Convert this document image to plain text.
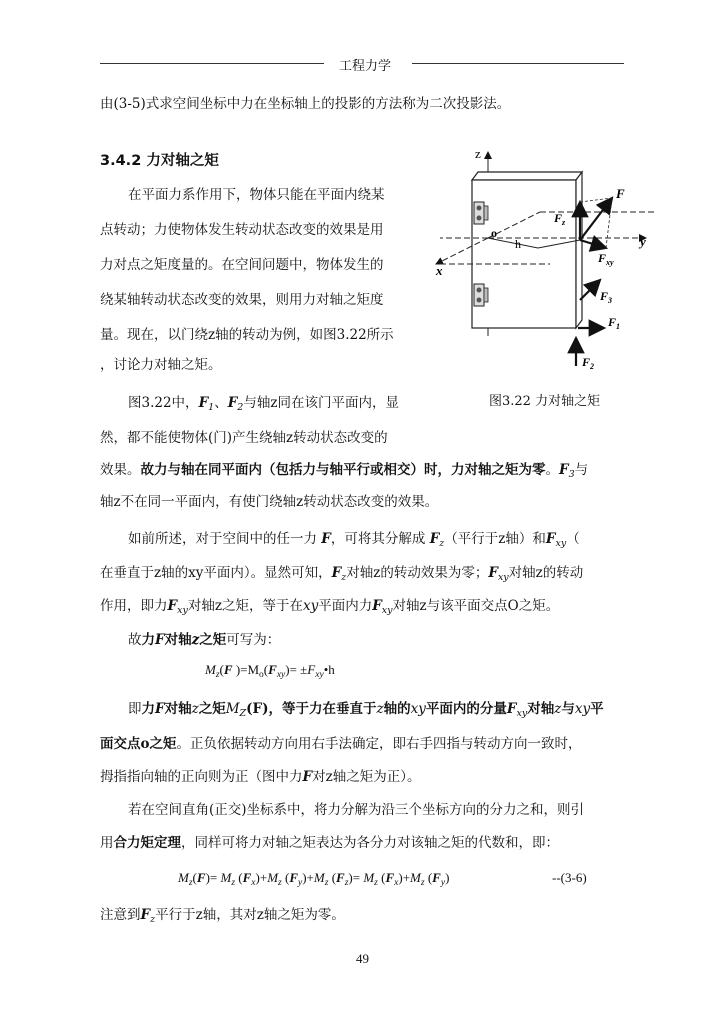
工程力学
由(3-5)式求空间坐标中力在坐标轴上的投影的方法称为二次投影法。
3.4.2 力对轴之矩
在平面力系作用下，物体只能在平面内绕某
点转动；力使物体发生转动状态改变的效果是用
力对点之矩度量的。在空间问题中，物体发生的
绕某轴转动状态改变的效果，则用力对轴之矩度
量。现在，以门绕z轴的转动为例，如图3.22所示
，讨论力对轴之矩。
图3.22中，$F_1$、$F_2$与轴z同在该门平面内，显
然，都不能使物体(门)产生绕轴z转动状态改变的
效果。故力与轴在同平面内（包括力与轴平行或相交）时，力对轴之矩为零。$F_3$与
轴z不在同一平面内，有使门绕轴z转动状态改变的效果。
如前所述，对于空间中的任一力 F，可将其分解成 $F_z$（平行于z轴）和$F_{xy}$（
在垂直于z轴的xy平面内）。显然可知，$F_z$对轴z的转动效果为零；$F_{xy}$对轴z的转动
作用，即力$F_{xy}$对轴z之矩，等于在xy平面内力$F_{xy}$对轴z与该平面交点O之矩。
故力F对轴z之矩可写为：
$M_z(F$ )$=M_o(F_{xy})=$ $\pm F_{xy}•h$
即力F对轴z之矩$M_Z(F)$，等于力在垂直于z轴的xy平面内的分量$F_{xy}$对轴z与xy平
面交点o之矩。正负依据转动方向用右手法确定，即右手四指与转动方向一致时，
拇指指向轴的正向则为正（图中力F对z轴之矩为正）。
若在空间直角(正交)坐标系中，将力分解为沿三个坐标方向的分力之和，则引
用合力矩定理，同样可将力对轴之矩表达为各分力对该轴之矩的代数和，即：
$M_z(F)= M_z$ $(F_x)+M_z$ $(F_y)+M_z$ $(F_z)= M_z$ $(F_x)+M_z$ $(F_y)$	--(3-6)
注意到$F_z$平行于z轴，其对z轴之矩为零。
z
y
x
o
h
F
$F_z$
$F_{xy}$
$F_3$
$F_1$
$F_2$
图3.22 力对轴之矩
49
